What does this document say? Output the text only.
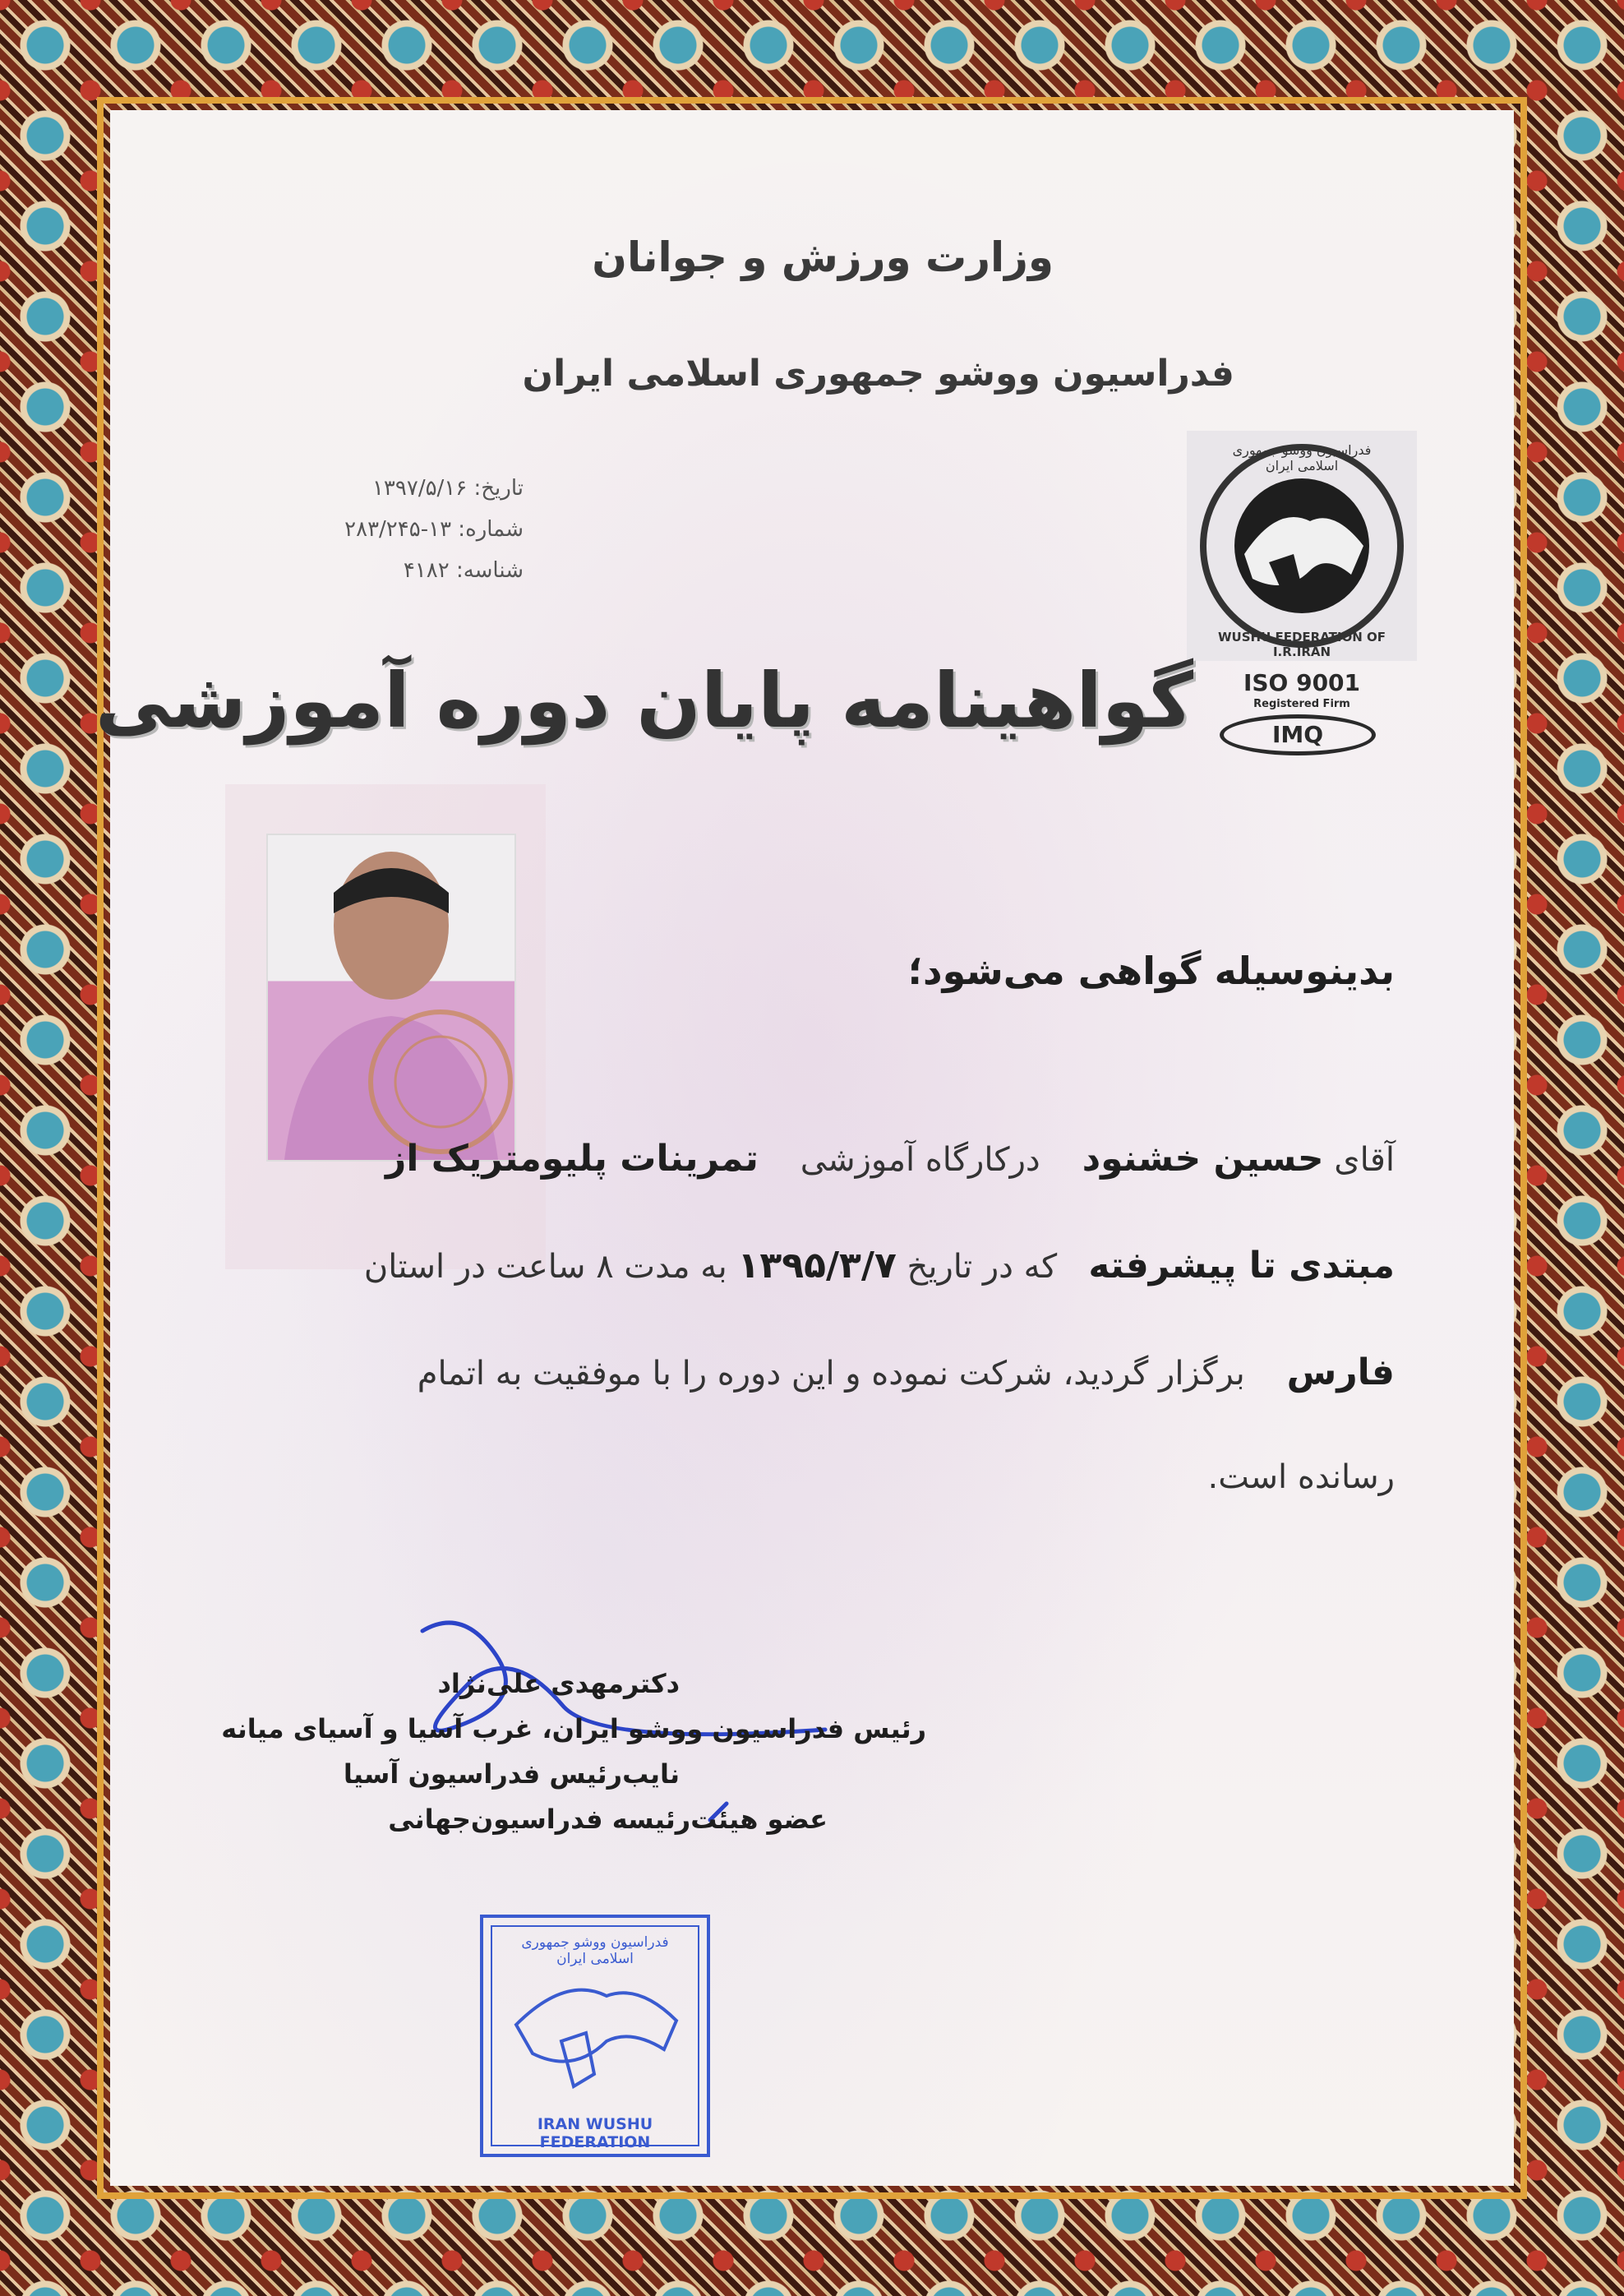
وزارت ورزش و جوانان
فدراسیون ووشو جمهوری اسلامی ایران
تاریخ: ۱۳۹۷/۵/۱۶
شماره: ۱۳-۲۸۳/۲۴۵
شناسه: ۴۱۸۲
فدراسیون ووشو جمهوری اسلامی ایران
WUSHU FEDERATION OF I.R.IRAN
ISO 9001
Registered Firm
IMQ
گواهینامه پایان دوره آموزشی
بدینوسیله گواهی می‌شود؛
آقای حسین خشنود    درکارگاه آموزشی    تمرینات پلیومتریک از
مبتدی تا پیشرفته   که در تاریخ ۱۳۹۵/۳/۷ به مدت ۸ ساعت در استان
فارس    برگزار گردید، شرکت نموده و این دوره را با موفقیت به اتمام
رسانده است.
دکترمهدی علی‌نژاد
رئیس فدراسیون ووشو ایران، غرب آسیا و آسیای میانه
نایب‌رئیس فدراسیون آسیا
عضو هیئت‌رئیسه فدراسیون‌جهانی
فدراسیون ووشو جمهوری اسلامی ایران
IRAN WUSHU FEDERATION
